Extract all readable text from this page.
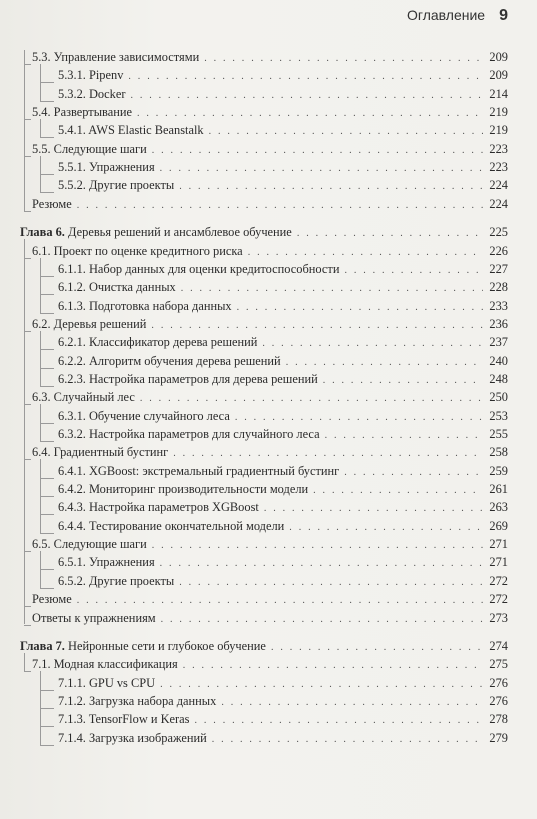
Оглавление 9
5.3. Управление зависимостями . . .	209
5.3.1. Pipenv . . .	209
5.3.2. Docker . . .	214
5.4. Развертывание . . .	219
5.4.1. AWS Elastic Beanstalk . . .	219
5.5. Следующие шаги . . .	223
5.5.1. Упражнения . . .	223
5.5.2. Другие проекты . . .	224
Резюме . . .	224
Глава 6. Деревья решений и ансамблевое обучение . . .	225
6.1. Проект по оценке кредитного риска . . .	226
6.1.1. Набор данных для оценки кредитоспособности . . .	227
6.1.2. Очистка данных . . .	228
6.1.3. Подготовка набора данных . . .	233
6.2. Деревья решений . . .	236
6.2.1. Классификатор дерева решений . . .	237
6.2.2. Алгоритм обучения дерева решений . . .	240
6.2.3. Настройка параметров для дерева решений . . .	248
6.3. Случайный лес . . .	250
6.3.1. Обучение случайного леса . . .	253
6.3.2. Настройка параметров для случайного леса . . .	255
6.4. Градиентный бустинг . . .	258
6.4.1. XGBoost: экстремальный градиентный бустинг . . .	259
6.4.2. Мониторинг производительности модели . . .	261
6.4.3. Настройка параметров XGBoost . . .	263
6.4.4. Тестирование окончательной модели . . .	269
6.5. Следующие шаги . . .	271
6.5.1. Упражнения . . .	271
6.5.2. Другие проекты . . .	272
Резюме . . .	272
Ответы к упражнениям . . .	273
Глава 7. Нейронные сети и глубокое обучение . . .	274
7.1. Модная классификация . . .	275
7.1.1. GPU vs CPU . . .	276
7.1.2. Загрузка набора данных . . .	276
7.1.3. TensorFlow и Keras . . .	278
7.1.4. Загрузка изображений . . .	279
